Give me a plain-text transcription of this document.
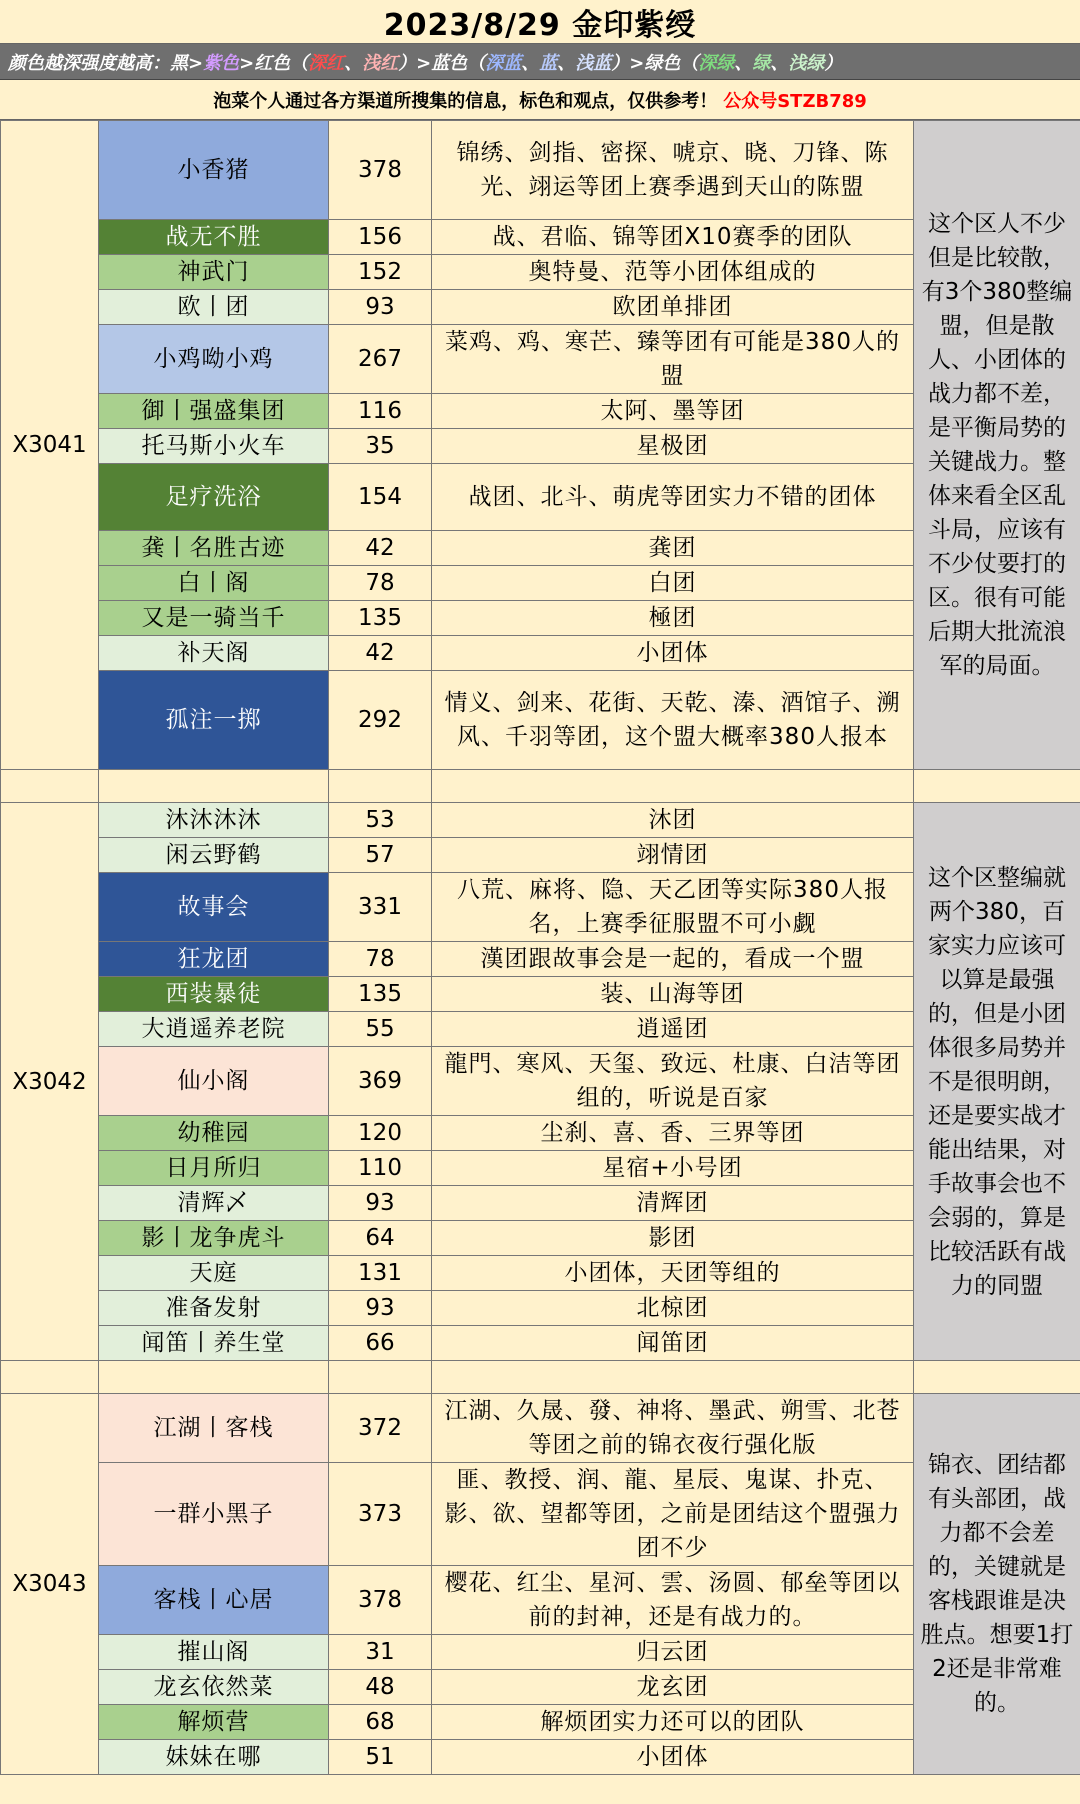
2023/8/29 金印紫绶
颜色越深强度越高：黑> 紫色 >红色（ 深红 、 浅红 ）>蓝色（ 深蓝 、 蓝 、 浅蓝 ）>绿色（ 深绿 、 绿 、 浅绿 ）
泡菜个人通过各方渠道所搜集的信息，标色和观点，仅供参考！ 公众号STZB789
X3041	小香猪	378	锦绣、剑指、密探、唬京、晓、刀锋、陈光、翊运等团上赛季遇到天山的陈盟	这个区人不少但是比较散，有3个380整编盟，但是散人、小团体的战力都不差，是平衡局势的关键战力。整体来看全区乱斗局，应该有不少仗要打的区。很有可能后期大批流浪军的局面。
	战无不胜	156	战、君临、锦等团X10赛季的团队	
	神武门	152	奥特曼、范等小团体组成的	
	欧丨团	93	欧团单排团	
	小鸡呦小鸡	267	菜鸡、鸡、寒芒、臻等团有可能是380人的盟	
	御丨强盛集团	116	太阿、墨等团	
	托马斯小火车	35	星极团	
	足疗洗浴	154	战团、北斗、萌虎等团实力不错的团体	
	龚丨名胜古迹	42	龚团	
	白丨阁	78	白团	
	又是一骑当千	135	極团	
	补天阁	42	小团体	
	孤注一掷	292	情义、剑来、花街、天乾、溱、酒馆子、溯风、千羽等团，这个盟大概率380人报本	

X3042	沐沐沐沐	53	沐团	这个区整编就两个380，百家实力应该可以算是最强的，但是小团体很多局势并不是很明朗，还是要实战才能出结果，对手故事会也不会弱的，算是比较活跃有战力的同盟
	闲云野鹤	57	翊情团	
	故事会	331	八荒、麻将、隐、天乙团等实际380人报名，上赛季征服盟不可小觑	
	狂龙团	78	漢团跟故事会是一起的，看成一个盟	
	西装暴徒	135	装、山海等团	
	大逍遥养老院	55	逍遥团	
	仙小阁	369	龍門、寒风、天玺、致远、杜康、白洁等团组的，听说是百家	
	幼稚园	120	尘刹、喜、香、三界等团	
	日月所归	110	星宿+小号团	
	清辉乄	93	清辉团	
	影丨龙争虎斗	64	影团	
	天庭	131	小团体，天团等组的	
	准备发射	93	北椋团	
	闻笛丨养生堂	66	闻笛团	

X3043	江湖丨客栈	372	江湖、久晟、發、神将、墨武、朔雪、北苍等团之前的锦衣夜行强化版	锦衣、团结都有头部团，战力都不会差的，关键就是客栈跟谁是决胜点。想要1打2还是非常难的。
	一群小黑子	373	匪、教授、润、龍、星辰、鬼谋、扑克、影、欲、望都等团，之前是团结这个盟强力团不少	
	客栈丨心居	378	樱花、红尘、星河、雲、汤圆、郁垒等团以前的封神，还是有战力的。	
	摧山阁	31	归云团	
	龙玄依然菜	48	龙玄团	
	解烦营	68	解烦团实力还可以的团队	
	妹妹在哪	51	小团体	
